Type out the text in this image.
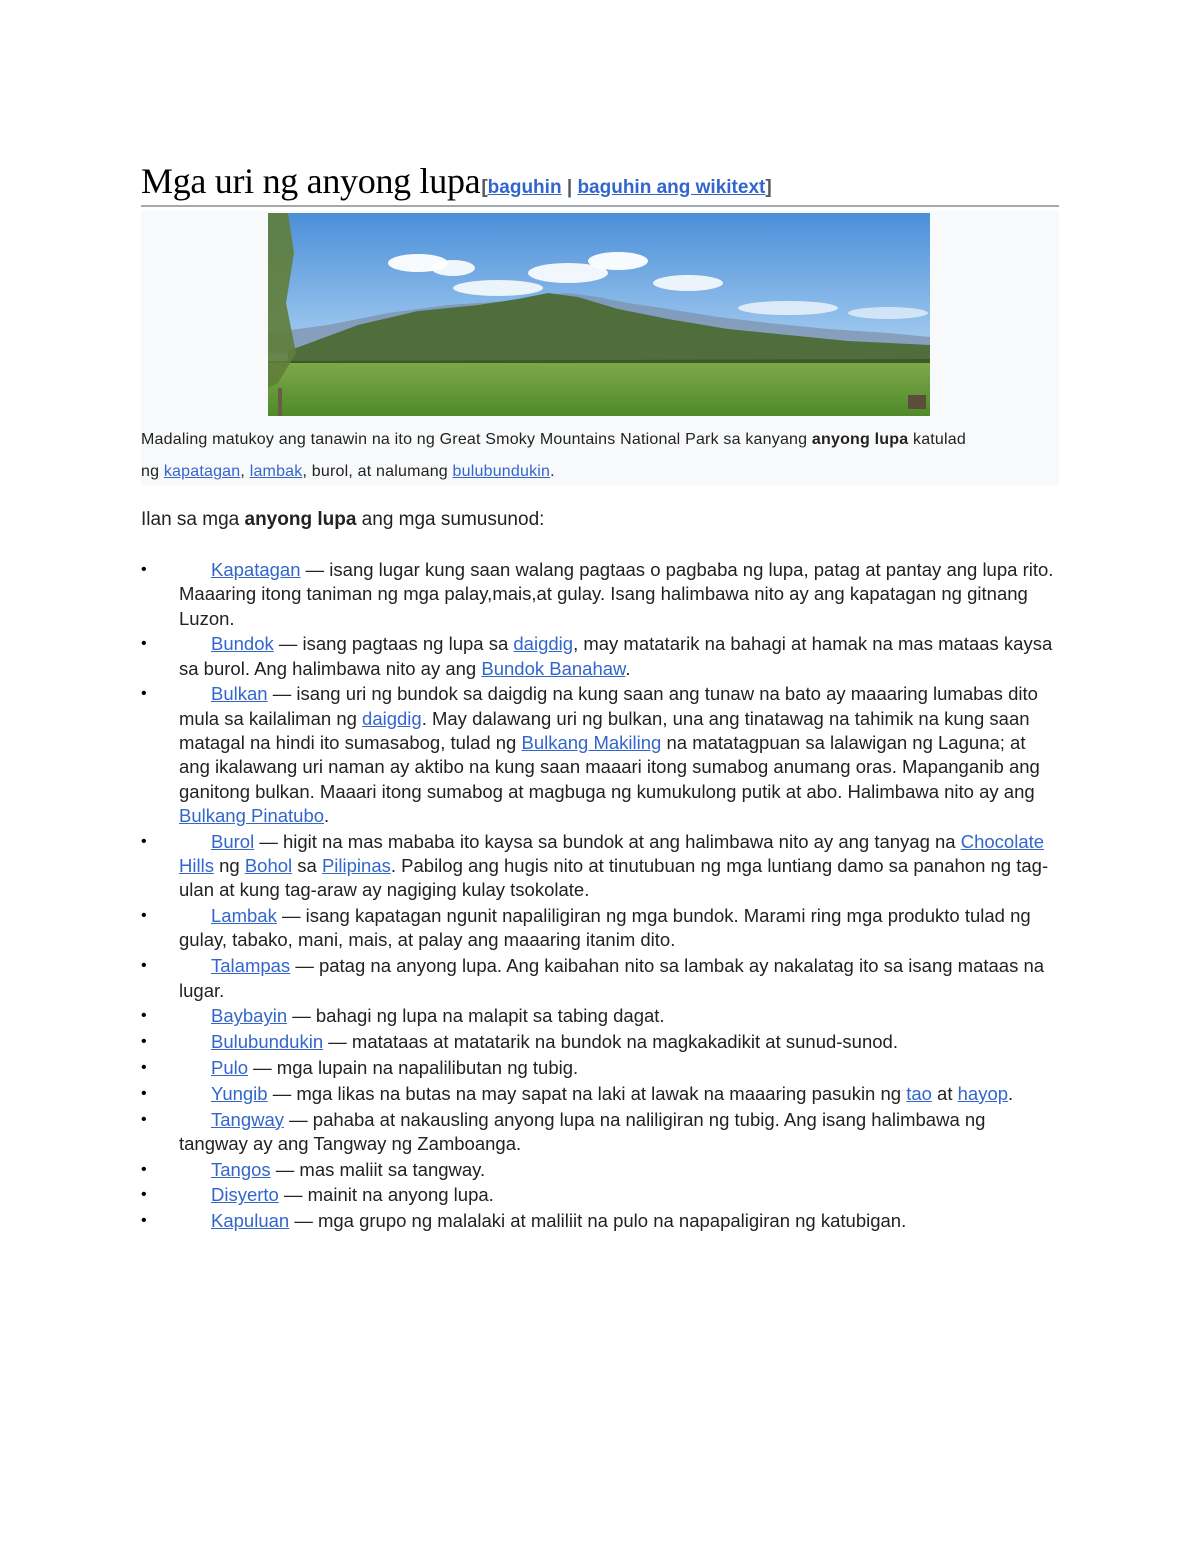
Mga uri ng anyong lupa [baguhin | baguhin ang wikitext]
Madaling matukoy ang tanawin na ito ng Great Smoky Mountains National Park sa kanyang anyong lupa katulad ng kapatagan, lambak, burol, at nalumang bulubundukin.

Ilan sa mga anyong lupa ang mga sumusunod:

•	Kapatagan — isang lugar kung saan walang pagtaas o pagbaba ng lupa, patag at pantay ang lupa rito. Maaaring itong taniman ng mga palay,mais,at gulay. Isang halimbawa nito ay ang kapatagan ng gitnang Luzon.
•	Bundok — isang pagtaas ng lupa sa daigdig, may matatarik na bahagi at hamak na mas mataas kaysa sa burol. Ang halimbawa nito ay ang Bundok Banahaw.
•	Bulkan — isang uri ng bundok sa daigdig na kung saan ang tunaw na bato ay maaaring lumabas dito mula sa kailaliman ng daigdig. May dalawang uri ng bulkan, una ang tinatawag na tahimik na kung saan matagal na hindi ito sumasabog, tulad ng Bulkang Makiling na matatagpuan sa lalawigan ng Laguna; at ang ikalawang uri naman ay aktibo na kung saan maaari itong sumabog anumang oras. Mapanganib ang ganitong bulkan. Maaari itong sumabog at magbuga ng kumukulong putik at abo. Halimbawa nito ay ang Bulkang Pinatubo.
•	Burol — higit na mas mababa ito kaysa sa bundok at ang halimbawa nito ay ang tanyag na Chocolate Hills ng Bohol sa Pilipinas. Pabilog ang hugis nito at tinutubuan ng mga luntiang damo sa panahon ng tag-ulan at kung tag-araw ay nagiging kulay tsokolate.
•	Lambak — isang kapatagan ngunit napaliligiran ng mga bundok. Marami ring mga produkto tulad ng gulay, tabako, mani, mais, at palay ang maaaring itanim dito.
•	Talampas — patag na anyong lupa. Ang kaibahan nito sa lambak ay nakalatag ito sa isang mataas na lugar.
•	Baybayin — bahagi ng lupa na malapit sa tabing dagat.
•	Bulubundukin — matataas at matatarik na bundok na magkakadikit at sunud-sunod.
•	Pulo — mga lupain na napalilibutan ng tubig.
•	Yungib — mga likas na butas na may sapat na laki at lawak na maaaring pasukin ng tao at hayop.
•	Tangway — pahaba at nakausling anyong lupa na naliligiran ng tubig. Ang isang halimbawa ng tangway ay ang Tangway ng Zamboanga.
•	Tangos — mas maliit sa tangway.
•	Disyerto — mainit na anyong lupa.
•	Kapuluan — mga grupo ng malalaki at maliliit na pulo na napapaligiran ng katubigan.
